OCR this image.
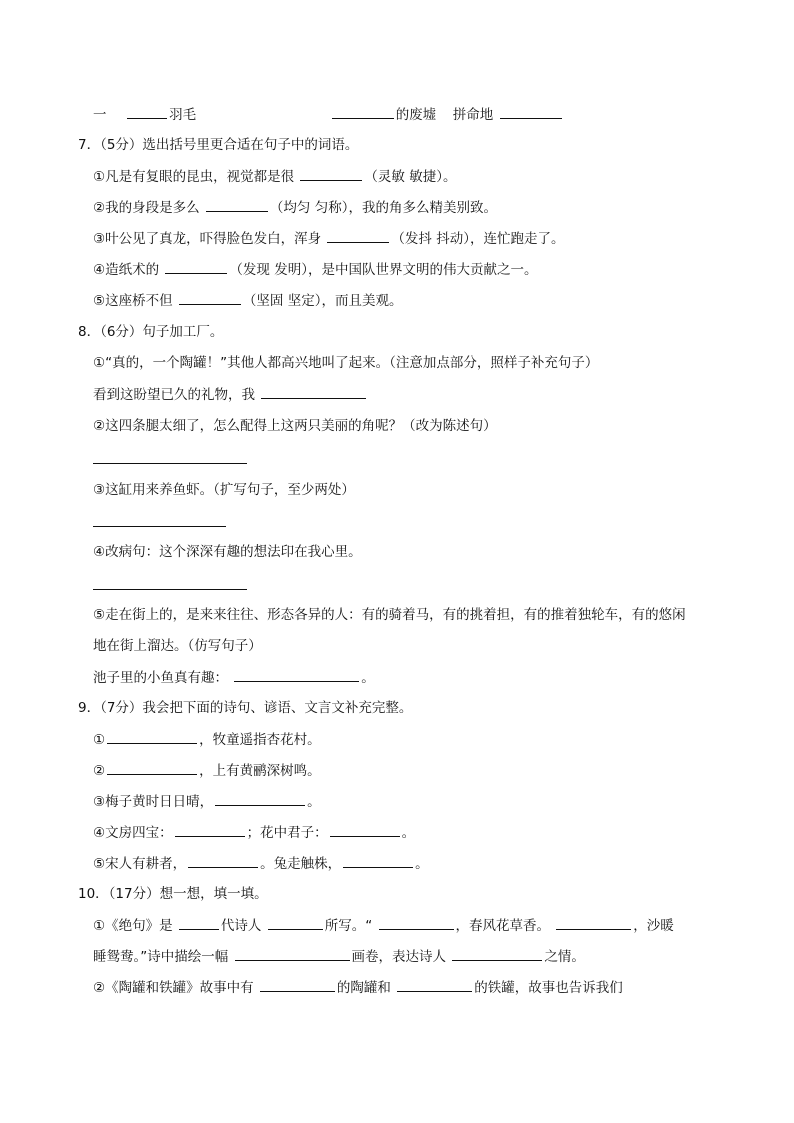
一	羽毛	的废墟 拼命地
7．（5分）选出括号里更合适在句子中的词语。
①凡是有复眼的昆虫，视觉都是很	（灵敏 敏捷）。
②我的身段是多么	（均匀 匀称），我的角多么精美别致。
③叶公见了真龙，吓得脸色发白，浑身	（发抖 抖动），连忙跑走了。
④造纸术的	（发现 发明），是中国队世界文明的伟大贡献之一。
⑤这座桥不但	（坚固 坚定），而且美观。
8．（6分）句子加工厂。
①“真的，一个陶罐！”其他人都高兴地叫了起来。（注意加点部分，照样子补充句子）
看到这盼望已久的礼物，我
②这四条腿太细了，怎么配得上这两只美丽的角呢？（改为陈述句）
③这缸用来养鱼虾。（扩写句子，至少两处）
④改病句：这个深深有趣的想法印在我心里。
⑤走在街上的，是来来往往、形态各异的人：有的骑着马，有的挑着担，有的推着独轮车，有的悠闲
地在街上溜达。（仿写句子）
池子里的小鱼真有趣：	。
9．（7分）我会把下面的诗句、谚语、文言文补充完整。
①	，牧童遥指杏花村。
②	，上有黄鹂深树鸣。
③梅子黄时日日晴，	。
④文房四宝：	；花中君子：	。
⑤宋人有耕者，	。兔走触株，	。
10．（17分）想一想，填一填。
①《绝句》是	代诗人	所写。“	，春风花草香。	，沙暖
睡鸳鸯。”诗中描绘一幅	画卷，表达诗人	之情。
②《陶罐和铁罐》故事中有	的陶罐和	的铁罐，故事也告诉我们
